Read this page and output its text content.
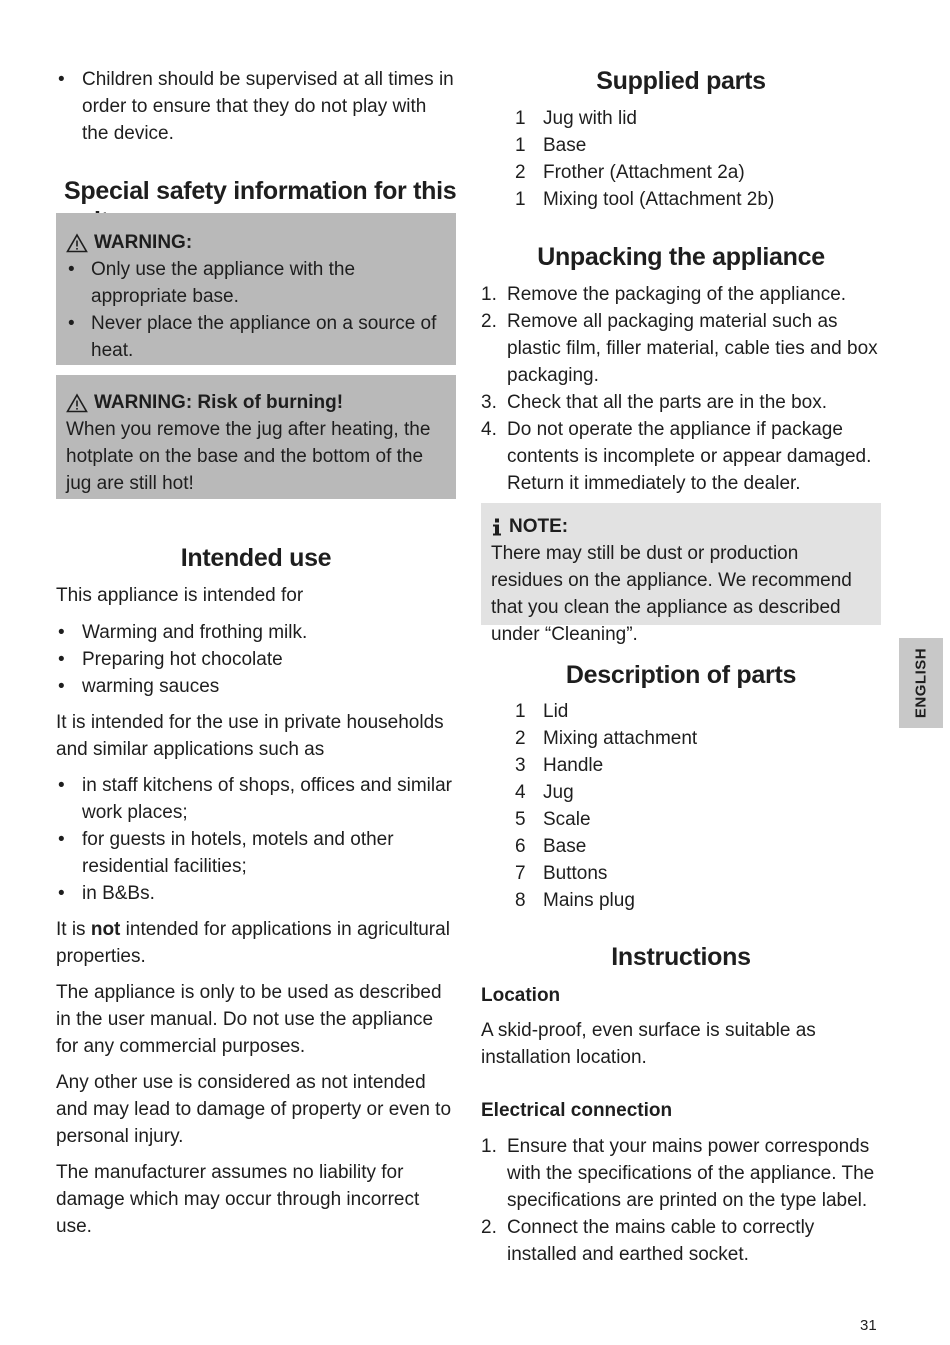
• Children should be supervised at all times in order to ensure that they do not play with the device.
Special safety information for this
WARNING:
• Only use the appliance with the appropriate base.
• Never place the appliance on a source of heat.
WARNING: Risk of burning!
When you remove the jug after heating, the hotplate on the base and the bottom of the jug are still hot!
Intended use
This appliance is intended for
• Warming and frothing milk.
• Preparing hot chocolate
• warming sauces
It is intended for the use in private households and similar applications such as
• in staff kitchens of shops, offices and similar work places;
• for guests in hotels, motels and other residential facilities;
• in B&Bs.
It is not intended for applications in agricultural properties.
The appliance is only to be used as described in the user manual. Do not use the appliance for any commercial purposes.
Any other use is considered as not intended and may lead to damage of property or even to personal injury.
The manufacturer assumes no liability for damage which may occur through incorrect use.
Supplied parts
1 Jug with lid
1 Base
2 Frother (Attachment 2a)
1 Mixing tool (Attachment 2b)
Unpacking the appliance
1. Remove the packaging of the appliance.
2. Remove all packaging material such as plastic film, filler material, cable ties and box packaging.
3. Check that all the parts are in the box.
4. Do not operate the appliance if package contents is incomplete or appear damaged. Return it immediately to the dealer.
NOTE:
There may still be dust or production residues on the appliance. We recommend that you clean the appliance as described under “Cleaning”.
Description of parts
1 Lid
2 Mixing attachment
3 Handle
4 Jug
5 Scale
6 Base
7 Buttons
8 Mains plug
Instructions
Location
A skid-proof, even surface is suitable as installation location.
Electrical connection
1. Ensure that your mains power corresponds with the specifications of the appliance. The specifications are printed on the type label.
2. Connect the mains cable to correctly installed and earthed socket.
ENGLISH
31
